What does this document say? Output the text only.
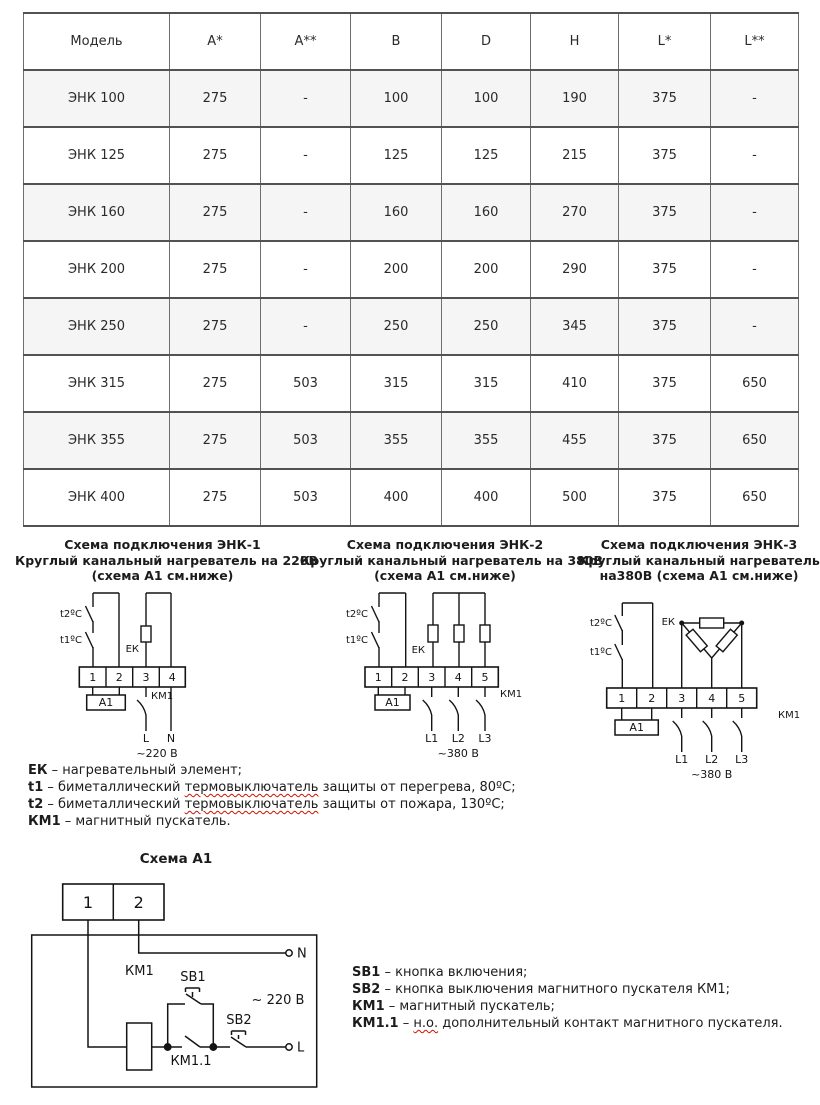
Модель	A*	A**	B	D	H	L*	L**
ЭНК 100	275	-	100	100	190	375	-
ЭНК 125	275	-	125	125	215	375	-
ЭНК 160	275	-	160	160	270	375	-
ЭНК 200	275	-	200	200	290	375	-
ЭНК 250	275	-	250	250	345	375	-
ЭНК 315	275	503	315	315	410	375	650
ЭНК 355	275	503	355	355	455	375	650
ЭНК 400	275	503	400	400	500	375	650
Схема подключения ЭНК-1
Круглый канальный нагреватель на 220В
(схема А1 см.ниже)
Схема подключения ЭНК-2
Круглый канальный нагреватель на 380В
(схема А1 см.ниже)
Схема подключения ЭНК-3
Круглый канальный нагреватель
на380В (схема А1 см.ниже)
t2ºC
t1ºC
ЕК
КМ1
1 2 3 4
А1
L N
~220 В
t2ºC
t1ºC
ЕК
КМ1
1 2 3 4 5
А1
L1 L2 L3
~380 В
t2ºC
t1ºC
ЕК
КМ1
1 2 3 4 5
А1
L1 L2 L3
~380 В
ЕК – нагревательный элемент;
t1 – биметаллический термовыключатель защиты от перегрева, 80ºС;
t2 – биметаллический термовыключатель защиты от пожара, 130ºС;
КМ1 – магнитный пускатель.
Схема А1
1	2
N
L
КМ1 SB1
SB2
КМ1.1
~ 220 В
SB1 – кнопка включения;
SB2 – кнопка выключения магнитного пускателя КМ1;
КМ1 – магнитный пускатель;
КМ1.1 – н.о. дополнительный контакт магнитного пускателя.
